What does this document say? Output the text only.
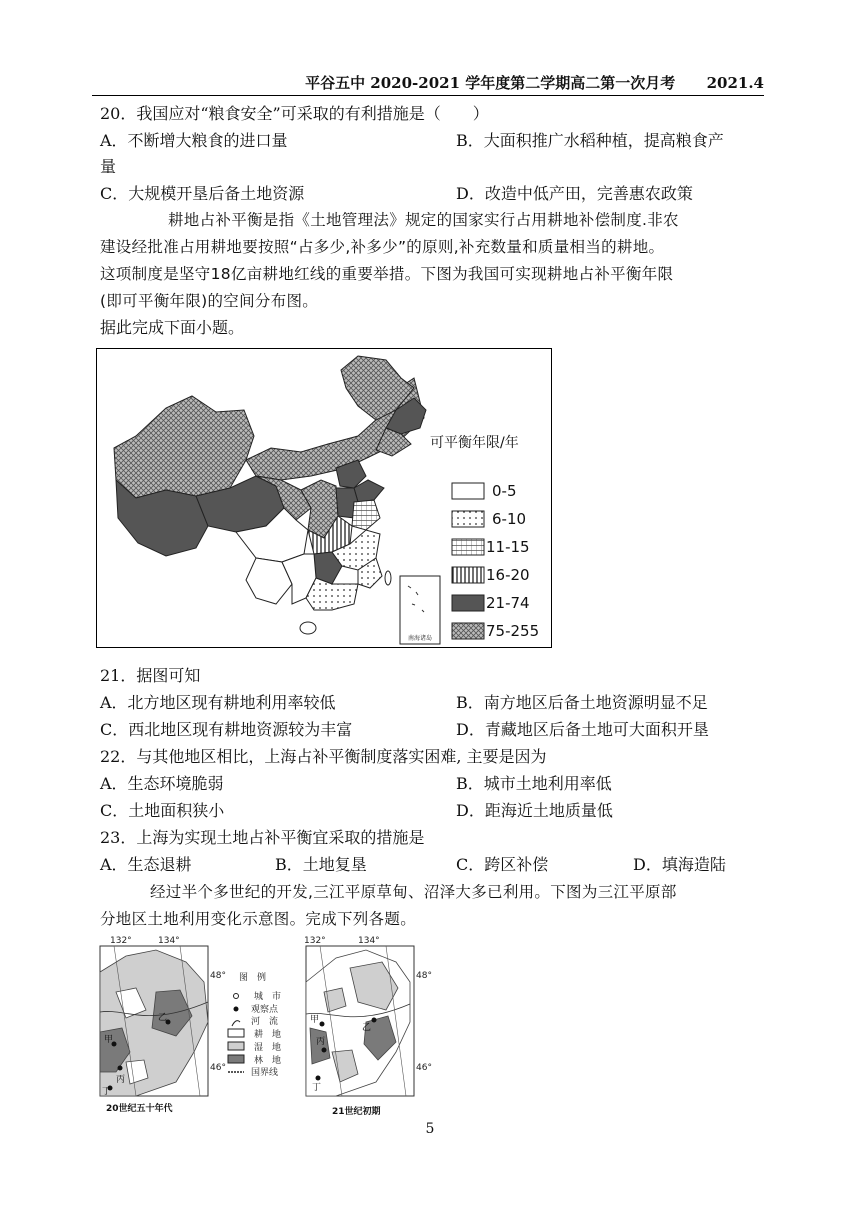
平谷五中 2020-2021 学年度第二学期高二第一次月考 2021.4
20．我国应对“粮食安全”可采取的有利措施是（　　）
A．不断增大粮食的进口量	B．大面积推广水稻种植，提高粮食产
量
C．大规模开垦后备土地资源	D．改造中低产田，完善惠农政策
耕地占补平衡是指《土地管理法》规定的国家实行占用耕地补偿制度.非农
建设经批准占用耕地要按照“占多少,补多少”的原则,补充数量和质量相当的耕地。
这项制度是坚守18亿亩耕地红线的重要举措。下图为我国可实现耕地占补平衡年限
(即可平衡年限)的空间分布图。
据此完成下面小题。
南海诸岛
可平衡年限/年
0-5
6-10
11-15
16-20
21-74
75-255
21．据图可知
A．北方地区现有耕地利用率较低	B．南方地区后备土地资源明显不足
C．西北地区现有耕地资源较为丰富	D．青藏地区后备土地可大面积开垦
22．与其他地区相比，上海占补平衡制度落实困难, 主要是因为
A．生态环境脆弱	B．城市土地利用率低
C．土地面积狭小	D．距海近土地质量低
23．上海为实现土地占补平衡宜采取的措施是
A．生态退耕	B．土地复垦	C．跨区补偿	D．填海造陆
经过半个多世纪的开发,三江平原草甸、沼泽大多已利用。下图为三江平原部
分地区土地利用变化示意图。完成下列各题。
132°	134°
48°
46°
甲
乙
丙
丁
20世纪五十年代
图　例
城　市
观察点
河　流
耕　地
湿　地
林　地
国界线
132°	134°
48°
46°
甲
乙
丙
丁
21世纪初期
5
